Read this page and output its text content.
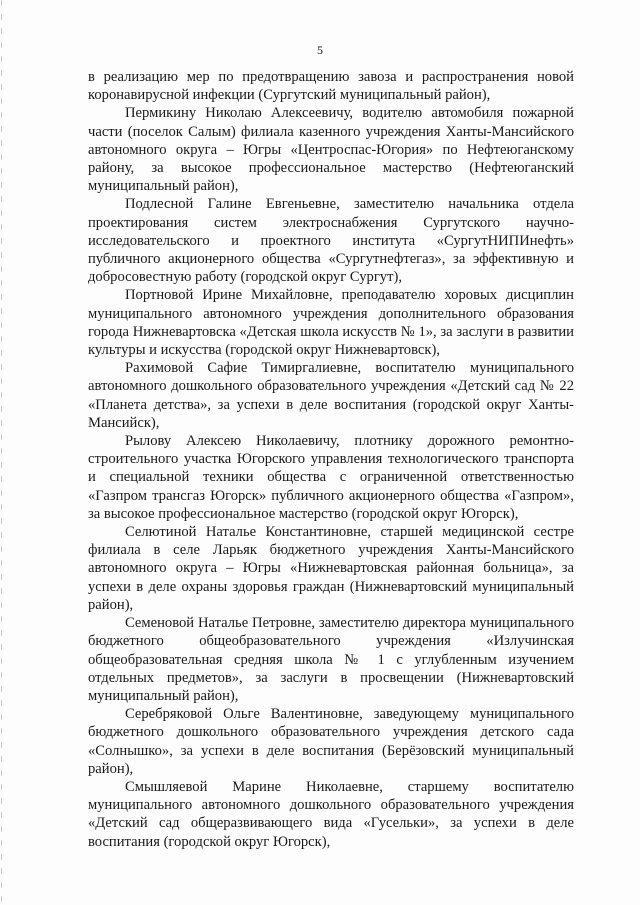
5

в реализацию мер по предотвращению завоза и распространения новой коронавирусной инфекции (Сургутский муниципальный район),

Пермикину Николаю Алексеевичу, водителю автомобиля пожарной части (поселок Салым) филиала казенного учреждения Ханты-Мансийского автономного округа – Югры «Центроспас-Югория» по Нефтеюганскому району, за высокое профессиональное мастерство (Нефтеюганский муниципальный район),

Подлесной Галине Евгеньевне, заместителю начальника отдела проектирования систем электроснабжения Сургутского научно-исследовательского и проектного института «СургутНИПИнефть» публичного акционерного общества «Сургутнефтегаз», за эффективную и добросовестную работу (городской округ Сургут),

Портновой Ирине Михайловне, преподавателю хоровых дисциплин муниципального автономного учреждения дополнительного образования города Нижневартовска «Детская школа искусств № 1», за заслуги в развитии культуры и искусства (городской округ Нижневартовск),

Рахимовой Сафие Тимиргалиевне, воспитателю муниципального автономного дошкольного образовательного учреждения «Детский сад № 22 «Планета детства», за успехи в деле воспитания (городской округ Ханты-Мансийск),

Рылову Алексею Николаевичу, плотнику дорожного ремонтно-строительного участка Югорского управления технологического транспорта и специальной техники общества с ограниченной ответственностью «Газпром трансгаз Югорск» публичного акционерного общества «Газпром», за высокое профессиональное мастерство (городской округ Югорск),

Селютиной Наталье Константиновне, старшей медицинской сестре филиала в селе Ларьяк бюджетного учреждения Ханты-Мансийского автономного округа – Югры «Нижневартовская районная больница», за успехи в деле охраны здоровья граждан (Нижневартовский муниципальный район),

Семеновой Наталье Петровне, заместителю директора муниципального бюджетного общеобразовательного учреждения «Излучинская общеобразовательная средняя школа № 1 с углубленным изучением отдельных предметов», за заслуги в просвещении (Нижневартовский муниципальный район),

Серебряковой Ольге Валентиновне, заведующему муниципального бюджетного дошкольного образовательного учреждения детского сада «Солнышко», за успехи в деле воспитания (Берёзовский муниципальный район),

Смышляевой Марине Николаевне, старшему воспитателю муниципального автономного дошкольного образовательного учреждения «Детский сад общеразвивающего вида «Гусельки», за успехи в деле воспитания (городской округ Югорск),
